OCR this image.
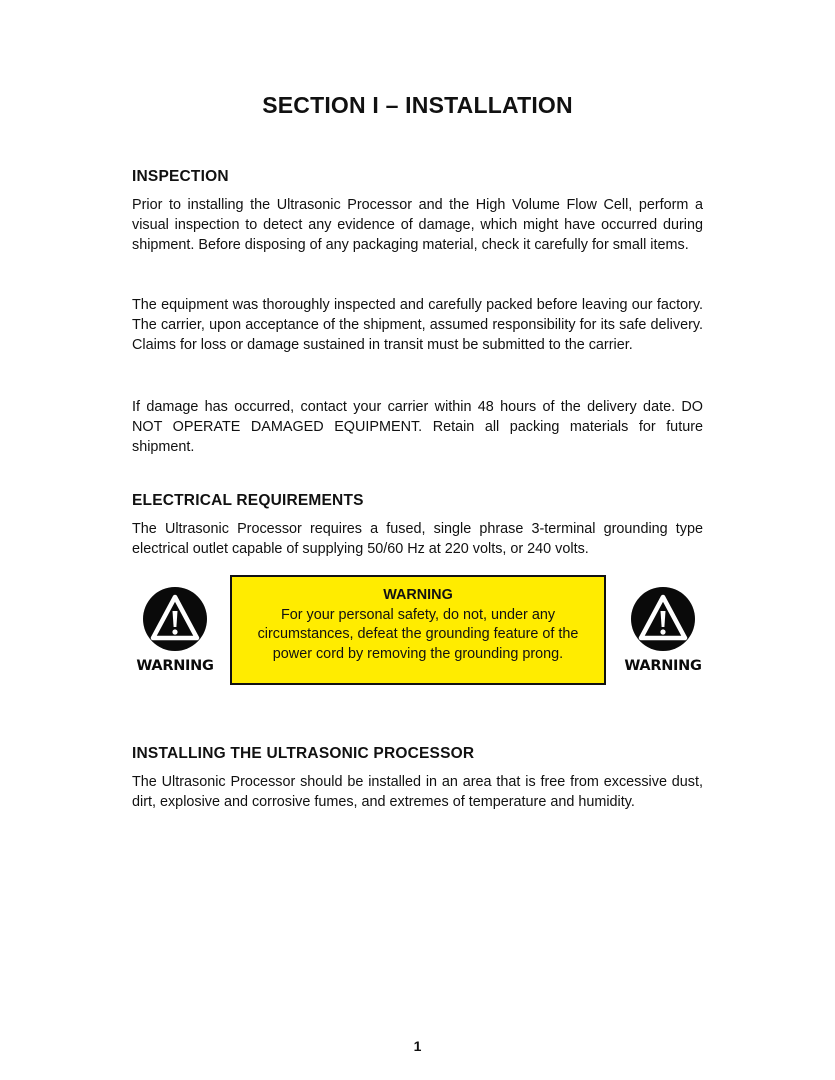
SECTION I – INSTALLATION
INSPECTION

Prior to installing the Ultrasonic Processor and the High Volume Flow Cell, perform a visual inspection to detect any evidence of damage, which might have occurred during shipment. Before disposing of any packaging material, check it carefully for small items.

The equipment was thoroughly inspected and carefully packed before leaving our factory. The carrier, upon acceptance of the shipment, assumed responsibility for its safe delivery. Claims for loss or damage sustained in transit must be submitted to the carrier.

If damage has occurred, contact your carrier within 48 hours of the delivery date. DO NOT OPERATE DAMAGED EQUIPMENT. Retain all packing materials for future shipment.

ELECTRICAL REQUIREMENTS

The Ultrasonic Processor requires a fused, single phrase 3-terminal grounding type electrical outlet capable of supplying 50/60 Hz at 220 volts, or 240 volts.

WARNING
WARNING
For your personal safety, do not, under any circumstances, defeat the grounding feature of the power cord by removing the grounding prong.
WARNING
INSTALLING THE ULTRASONIC PROCESSOR

The Ultrasonic Processor should be installed in an area that is free from excessive dust, dirt, explosive and corrosive fumes, and extremes of temperature and humidity.

1
